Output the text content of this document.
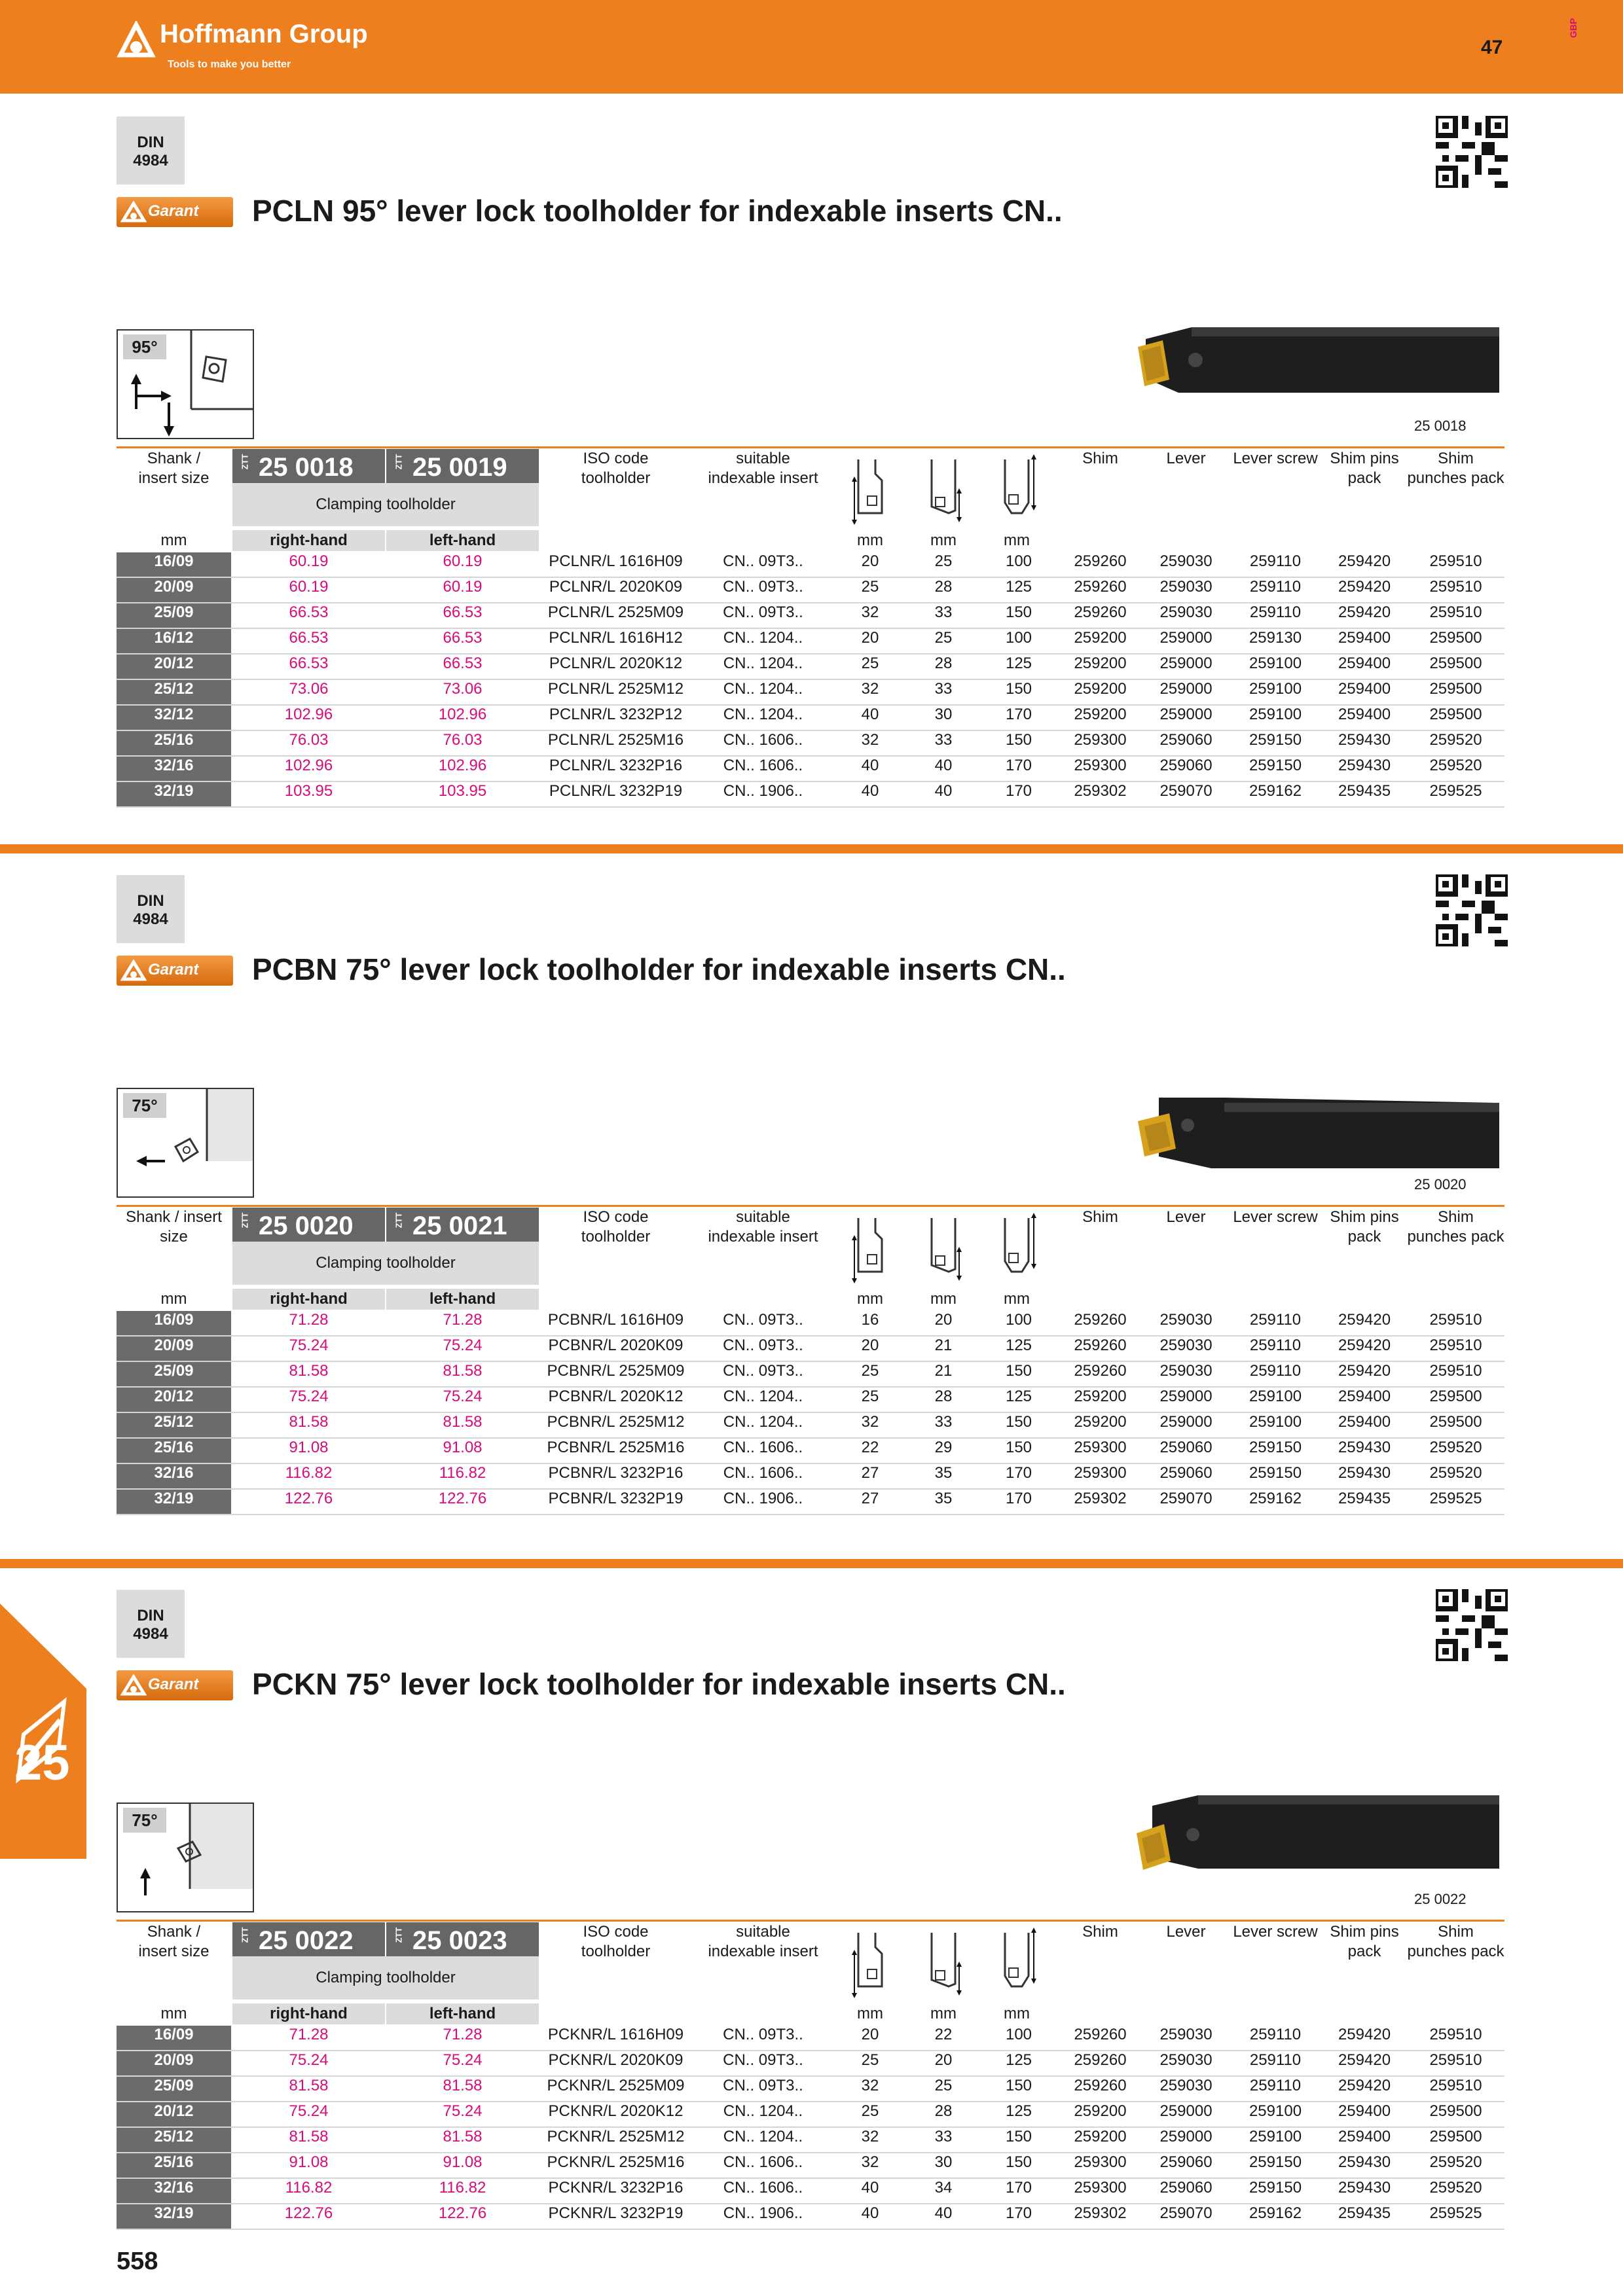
Hoffmann Group
Tools to make you better
47
GBP
DIN
4984
Garant PCLN 95° lever lock toolholder for indexable inserts CN..
95°
25 0018
Shank /
insert size
ZTT 25 0018	ZTT 25 0019
Clamping toolholder
ISO code
toolholder
suitable
indexable insert
Shim	Lever	Lever screw Shim pins
pack
Shim
punches pack
mm	right-hand	left-hand	mm	mm	mm
16/09	60.19	60.19	PCLNR/L 1616H09	CN.. 09T3..	20	25	100	259260	259030	259110	259420	259510
20/09	60.19	60.19	PCLNR/L 2020K09	CN.. 09T3..	25	28	125	259260	259030	259110	259420	259510
25/09	66.53	66.53	PCLNR/L 2525M09	CN.. 09T3..	32	33	150	259260	259030	259110	259420	259510
16/12	66.53	66.53	PCLNR/L 1616H12	CN.. 1204..	20	25	100	259200	259000	259130	259400	259500
20/12	66.53	66.53	PCLNR/L 2020K12	CN.. 1204..	25	28	125	259200	259000	259100	259400	259500
25/12	73.06	73.06	PCLNR/L 2525M12	CN.. 1204..	32	33	150	259200	259000	259100	259400	259500
32/12	102.96	102.96	PCLNR/L 3232P12	CN.. 1204..	40	30	170	259200	259000	259100	259400	259500
25/16	76.03	76.03	PCLNR/L 2525M16	CN.. 1606..	32	33	150	259300	259060	259150	259430	259520
32/16	102.96	102.96	PCLNR/L 3232P16	CN.. 1606..	40	40	170	259300	259060	259150	259430	259520
32/19	103.95	103.95	PCLNR/L 3232P19	CN.. 1906..	40	40	170	259302	259070	259162	259435	259525
DIN
4984
Garant PCBN 75° lever lock toolholder for indexable inserts CN..
75°
25 0020
Shank / insert
size
ZTT 25 0020	ZTT 25 0021
Clamping toolholder
ISO code
toolholder
suitable
indexable insert
Shim	Lever	Lever screw Shim pins
pack
Shim
punches pack
mm	right-hand	left-hand	mm	mm	mm
16/09	71.28	71.28	PCBNR/L 1616H09	CN.. 09T3..	16	20	100	259260	259030	259110	259420	259510
20/09	75.24	75.24	PCBNR/L 2020K09	CN.. 09T3..	20	21	125	259260	259030	259110	259420	259510
25/09	81.58	81.58	PCBNR/L 2525M09	CN.. 09T3..	25	21	150	259260	259030	259110	259420	259510
20/12	75.24	75.24	PCBNR/L 2020K12	CN.. 1204..	25	28	125	259200	259000	259100	259400	259500
25/12	81.58	81.58	PCBNR/L 2525M12	CN.. 1204..	32	33	150	259200	259000	259100	259400	259500
25/16	91.08	91.08	PCBNR/L 2525M16	CN.. 1606..	22	29	150	259300	259060	259150	259430	259520
32/16	116.82	116.82	PCBNR/L 3232P16	CN.. 1606..	27	35	170	259300	259060	259150	259430	259520
32/19	122.76	122.76	PCBNR/L 3232P19	CN.. 1906..	27	35	170	259302	259070	259162	259435	259525
DIN
4984
Garant PCKN 75° lever lock toolholder for indexable inserts CN..
75°
25 0022
Shank /
insert size
ZTT 25 0022	ZTT 25 0023
Clamping toolholder
ISO code
toolholder
suitable
indexable insert
Shim	Lever	Lever screw Shim pins
pack
Shim
punches pack
mm	right-hand	left-hand	mm	mm	mm
16/09	71.28	71.28	PCKNR/L 1616H09	CN.. 09T3..	20	22	100	259260	259030	259110	259420	259510
20/09	75.24	75.24	PCKNR/L 2020K09	CN.. 09T3..	25	20	125	259260	259030	259110	259420	259510
25/09	81.58	81.58	PCKNR/L 2525M09	CN.. 09T3..	32	25	150	259260	259030	259110	259420	259510
20/12	75.24	75.24	PCKNR/L 2020K12	CN.. 1204..	25	28	125	259200	259000	259100	259400	259500
25/12	81.58	81.58	PCKNR/L 2525M12	CN.. 1204..	32	33	150	259200	259000	259100	259400	259500
25/16	91.08	91.08	PCKNR/L 2525M16	CN.. 1606..	32	30	150	259300	259060	259150	259430	259520
32/16	116.82	116.82	PCKNR/L 3232P16	CN.. 1606..	40	34	170	259300	259060	259150	259430	259520
32/19	122.76	122.76	PCKNR/L 3232P19	CN.. 1906..	40	40	170	259302	259070	259162	259435	259525
25
558
